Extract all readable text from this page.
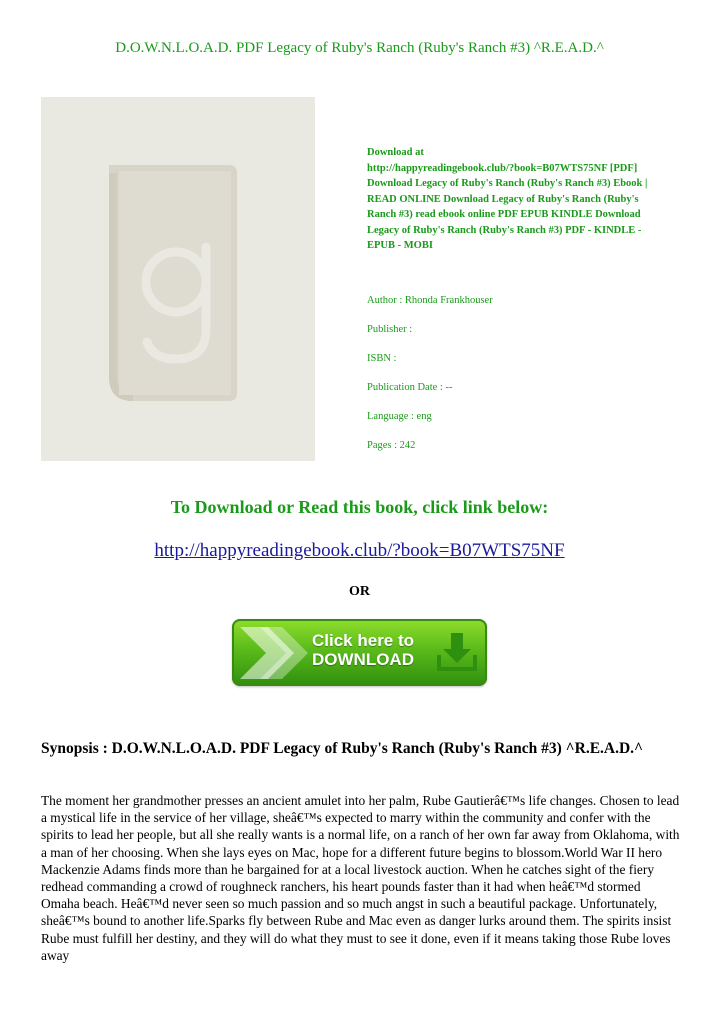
D.O.W.N.L.O.A.D. PDF Legacy of Ruby's Ranch (Ruby's Ranch #3) ^R.E.A.D.^

Download at
http://happyreadingebook.club/?book=B07WTS75NF [PDF]
Download Legacy of Ruby's Ranch (Ruby's Ranch #3) Ebook |
READ ONLINE Download Legacy of Ruby's Ranch (Ruby's
Ranch #3) read ebook online PDF EPUB KINDLE Download
Legacy of Ruby's Ranch (Ruby's Ranch #3) PDF - KINDLE -
EPUB - MOBI

Author : Rhonda Frankhouser

Publisher :

ISBN :

Publication Date : --

Language : eng

Pages : 242

To Download or Read this book, click link below:
http://happyreadingebook.club/?book=B07WTS75NF
OR
Click here to
DOWNLOAD
Synopsis : D.O.W.N.L.O.A.D. PDF Legacy of Ruby's Ranch (Ruby's Ranch #3) ^R.E.A.D.^
The moment her grandmother presses an ancient amulet into her palm, Rube Gautierâ€™s life changes. Chosen to lead a mystical life in the service of her village, sheâ€™s expected to marry within the community and confer with the spirits to lead her people, but all she really wants is a normal life, on a ranch of her own far away from Oklahoma, with a man of her choosing. When she lays eyes on Mac, hope for a different future begins to blossom.World War II hero Mackenzie Adams finds more than he bargained for at a local livestock auction. When he catches sight of the fiery redhead commanding a crowd of roughneck ranchers, his heart pounds faster than it had when heâ€™d stormed Omaha beach. Heâ€™d never seen so much passion and so much angst in such a beautiful package. Unfortunately, sheâ€™s bound to another life.Sparks fly between Rube and Mac even as danger lurks around them. The spirits insist Rube must fulfill her destiny, and they will do what they must to see it done, even if it means taking those Rube loves away
